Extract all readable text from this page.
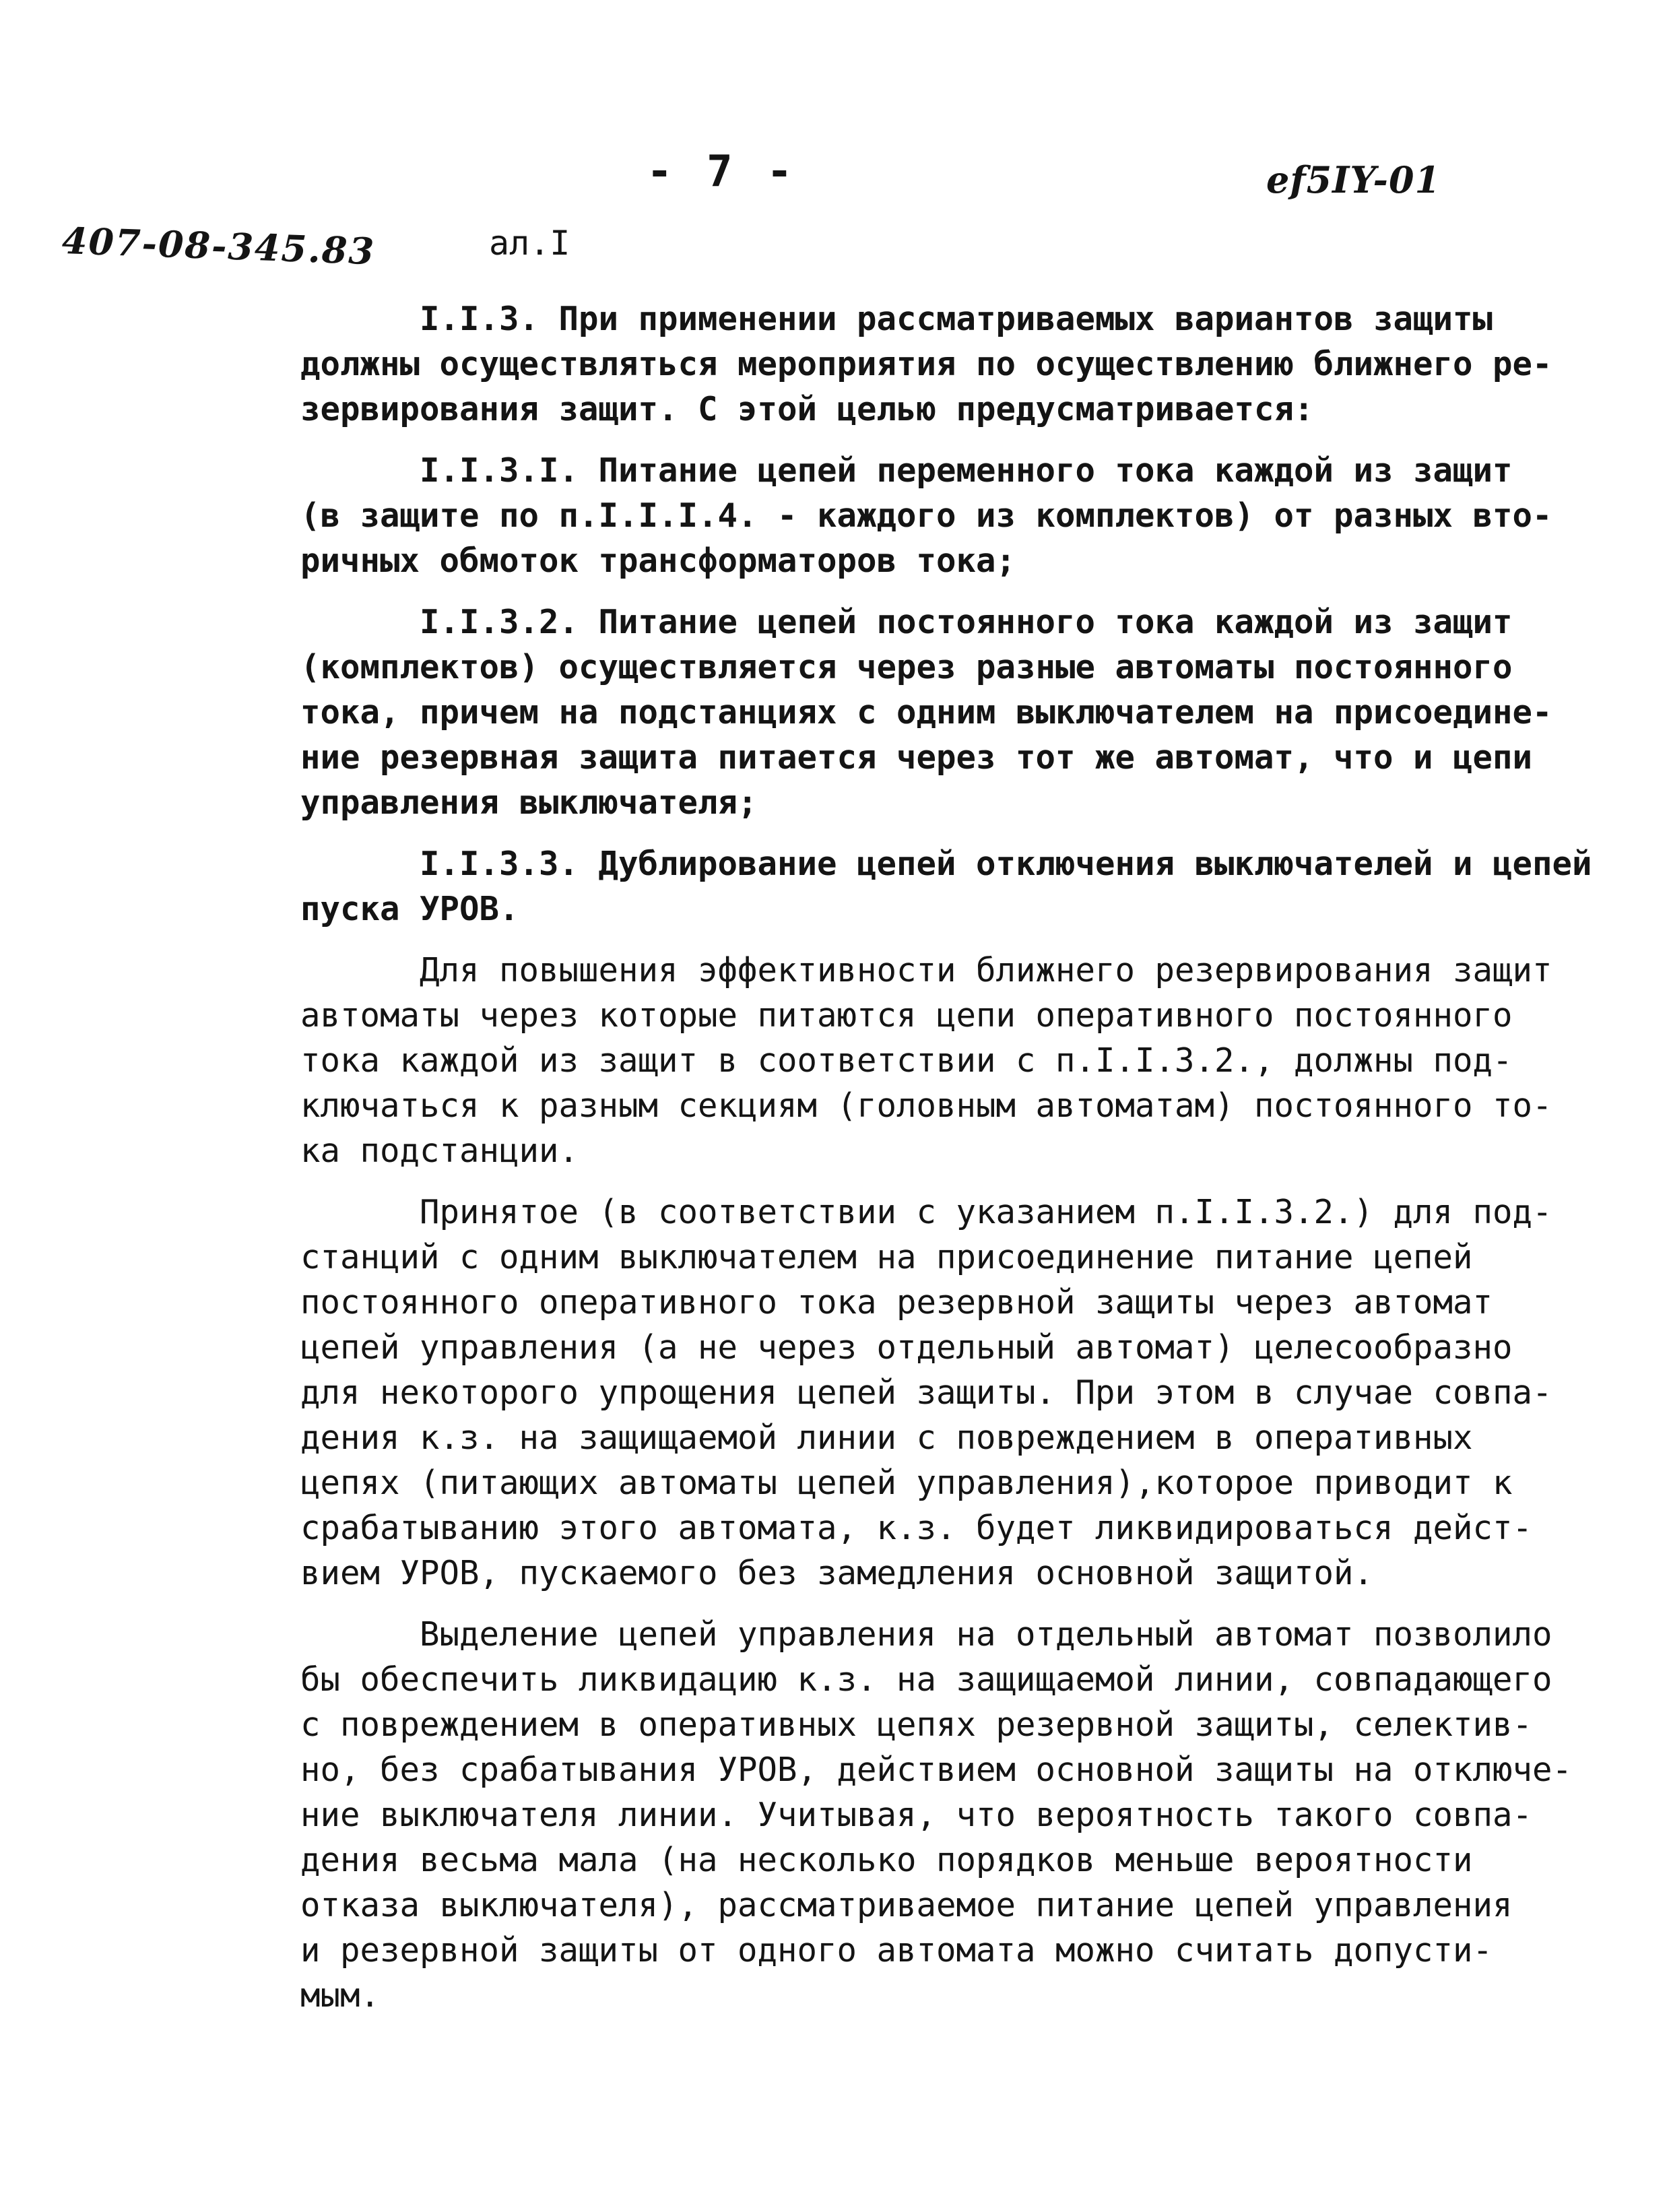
- 7 -	ef5IY-01
407-08-345.83	ал.I
I.I.3. При применении рассматриваемых вариантов защиты
должны осуществляться мероприятия по осуществлению ближнего ре-
зервирования защит. С этой целью предусматривается:
I.I.3.I. Питание цепей переменного тока каждой из защит
(в защите по п.I.I.I.4. - каждого из комплектов) от разных вто-
ричных обмоток трансформаторов тока;
I.I.3.2. Питание цепей постоянного тока каждой из защит
(комплектов) осуществляется через разные автоматы постоянного
тока, причем на подстанциях с одним выключателем на присоедине-
ние резервная защита питается через тот же автомат, что и цепи
управления выключателя;
I.I.3.3. Дублирование цепей отключения выключателей и цепей
пуска УРОВ.
Для повышения эффективности ближнего резервирования защит
автоматы через которые питаются цепи оперативного постоянного
тока каждой из защит в соответствии с п.I.I.3.2., должны под-
ключаться к разным секциям (головным автоматам) постоянного то-
ка подстанции.
Принятое (в соответствии с указанием п.I.I.3.2.) для под-
станций с одним выключателем на присоединение питание цепей
постоянного оперативного тока резервной защиты через автомат
цепей управления (а не через отдельный автомат) целесообразно
для некоторого упрощения цепей защиты. При этом в случае совпа-
дения к.з. на защищаемой линии с повреждением в оперативных
цепях (питающих автоматы цепей управления),которое приводит к
срабатыванию этого автомата, к.з. будет ликвидироваться дейст-
вием УРОВ, пускаемого без замедления основной защитой.
Выделение цепей управления на отдельный автомат позволило
бы обеспечить ликвидацию к.з. на защищаемой линии, совпадающего
с повреждением в оперативных цепях резервной защиты, селектив-
но, без срабатывания УРОВ, действием основной защиты на отключе-
ние выключателя линии. Учитывая, что вероятность такого совпа-
дения весьма мала (на несколько порядков меньше вероятности
отказа выключателя), рассматриваемое питание цепей управления
и резервной защиты от одного автомата можно считать допусти-
мым.
